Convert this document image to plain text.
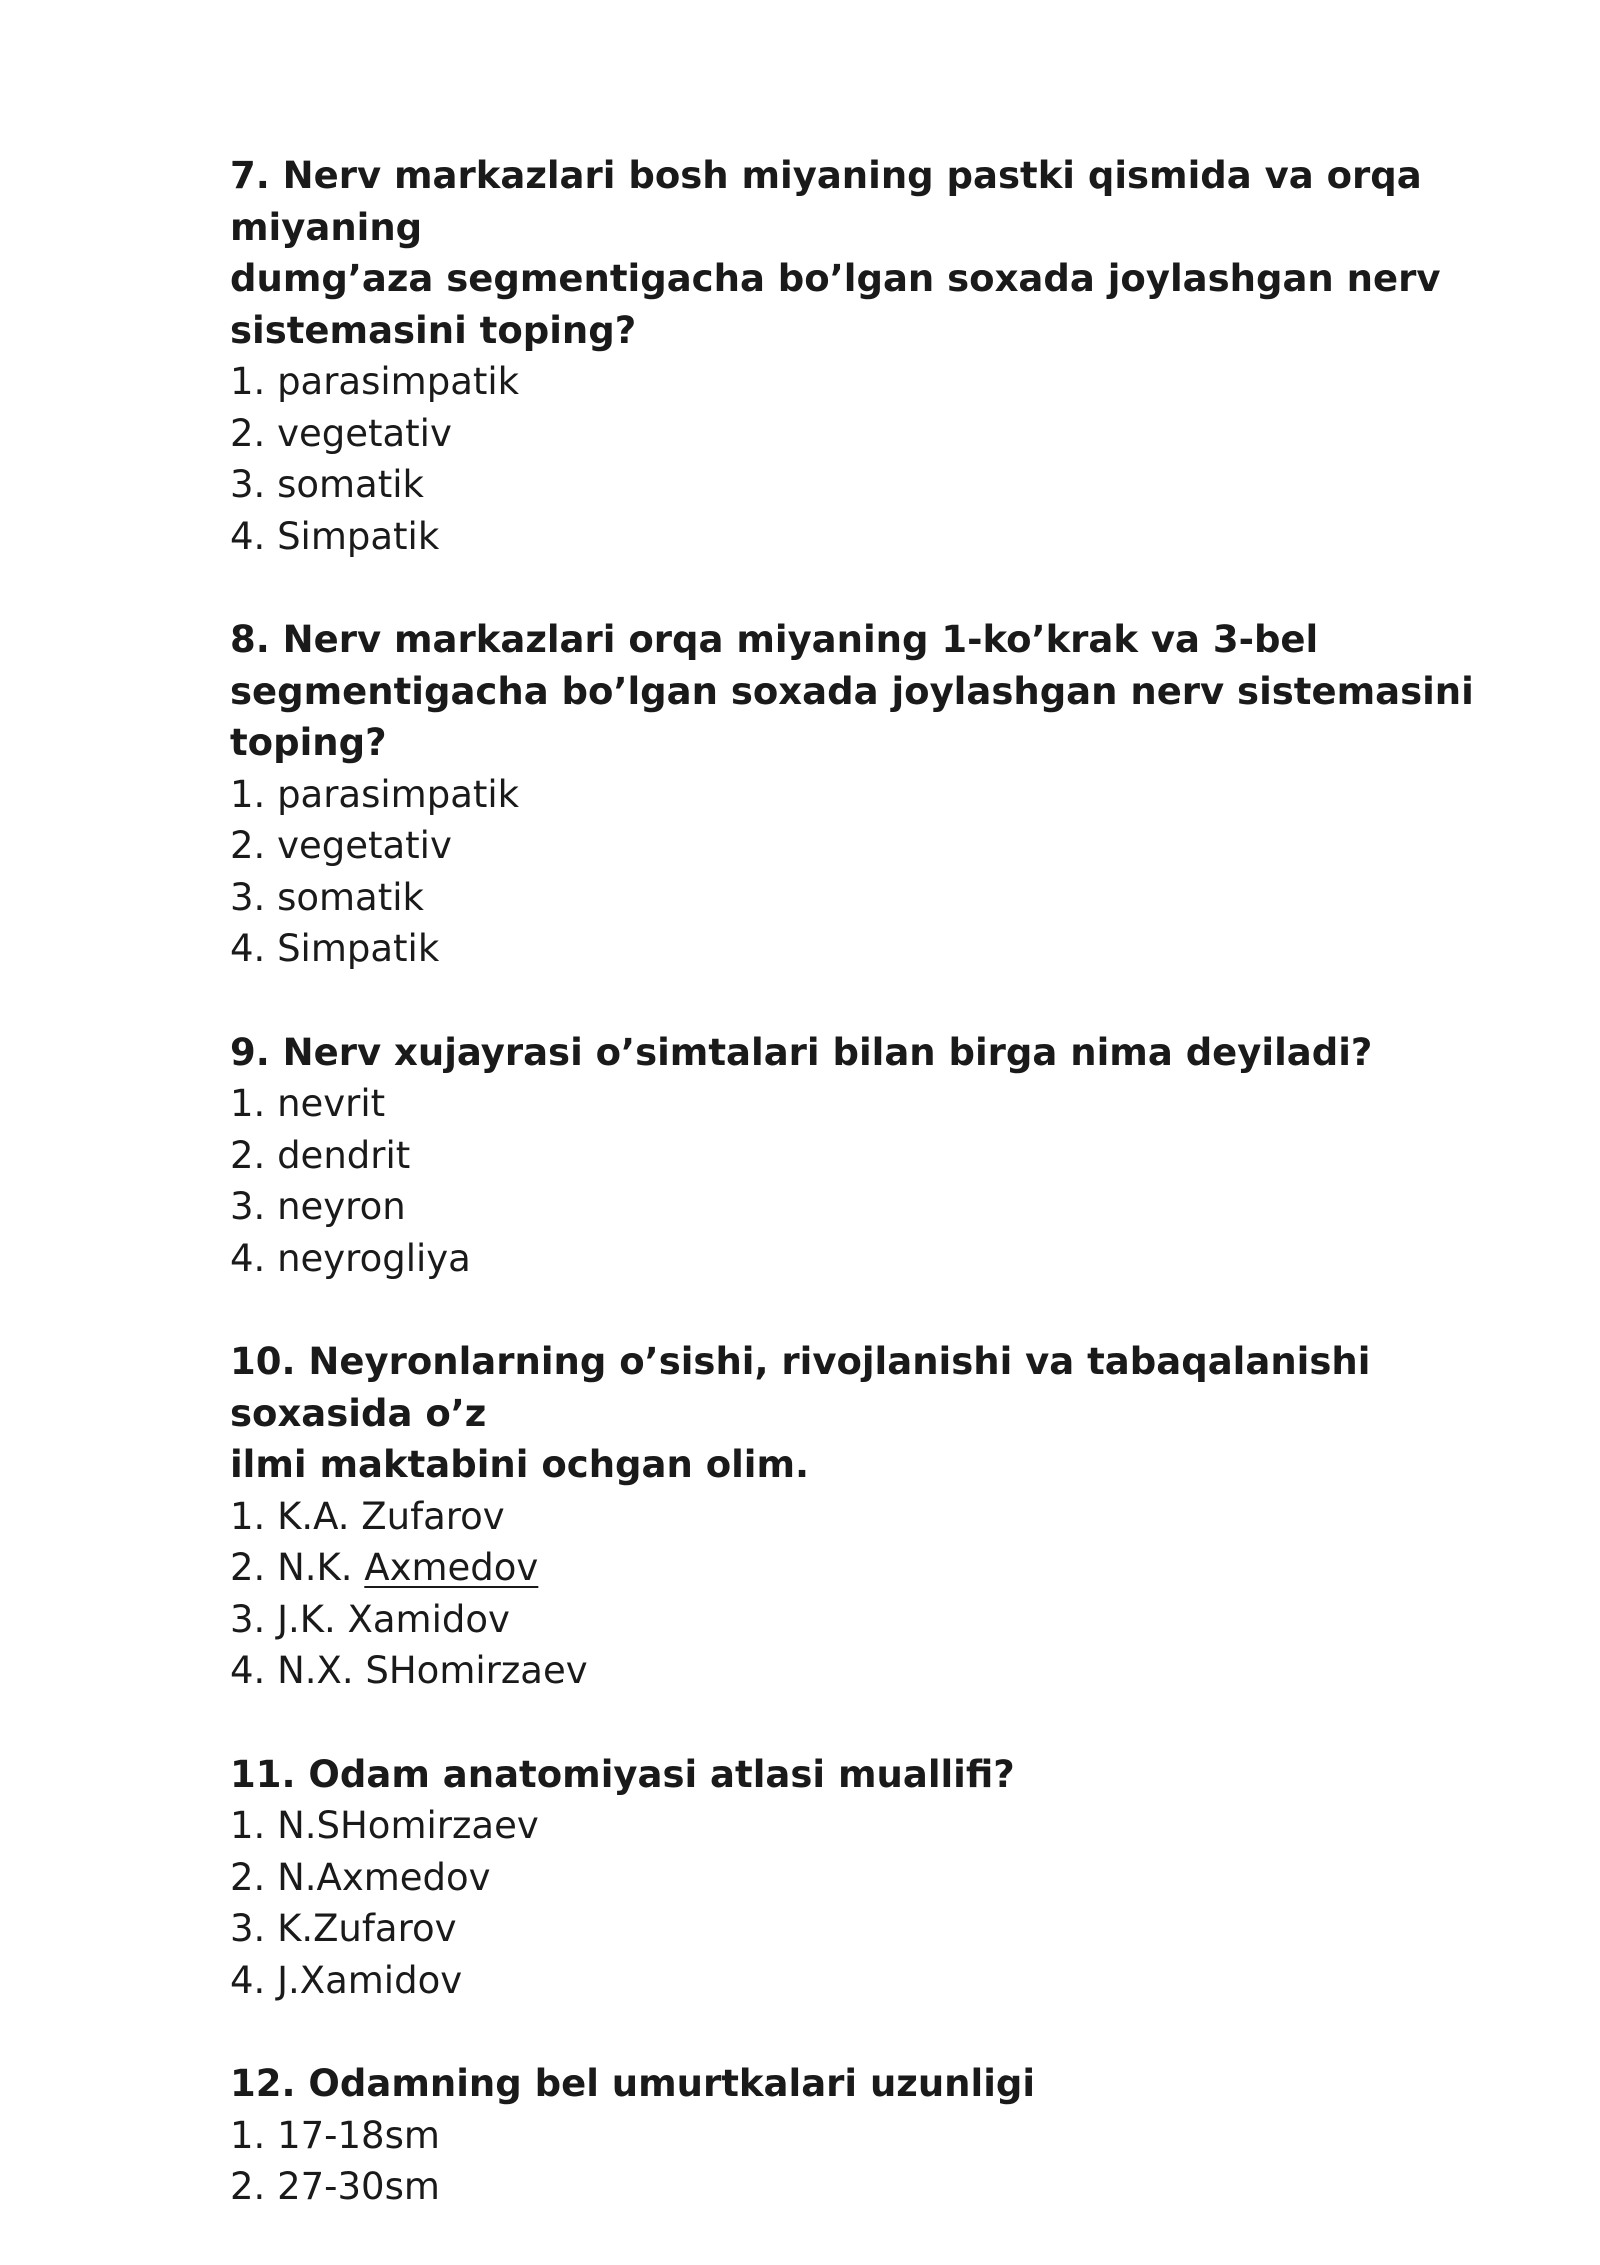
7. Nerv markazlari bosh miyaning pastki qismida va orqa miyaning
dumg’aza segmentigacha bo’lgan soxada joylashgan nerv
sistemasini toping?

1. parasimpatik
2. vegetativ
3. somatik
4. Simpatik

8. Nerv markazlari orqa miyaning 1-ko’krak va 3-bel
segmentigacha bo’lgan soxada joylashgan nerv sistemasini
toping?

1. parasimpatik
2. vegetativ
3. somatik
4. Simpatik

9. Nerv xujayrasi o’simtalari bilan birga nima deyiladi?

1. nevrit
2. dendrit
3. neyron
4. neyrogliya

10. Neyronlarning o’sishi, rivojlanishi va tabaqalanishi soxasida o’z
ilmi maktabini ochgan olim.

1. K.A. Zufarov
2. N.K. Axmedov
3. J.K. Xamidov
4. N.X. SHomirzaev

11. Odam anatomiyasi atlasi muallifi?

1. N.SHomirzaev
2. N.Axmedov
3. K.Zufarov
4. J.Xamidov

12. Odamning bel umurtkalari uzunligi

1. 17-18sm
2. 27-30sm
